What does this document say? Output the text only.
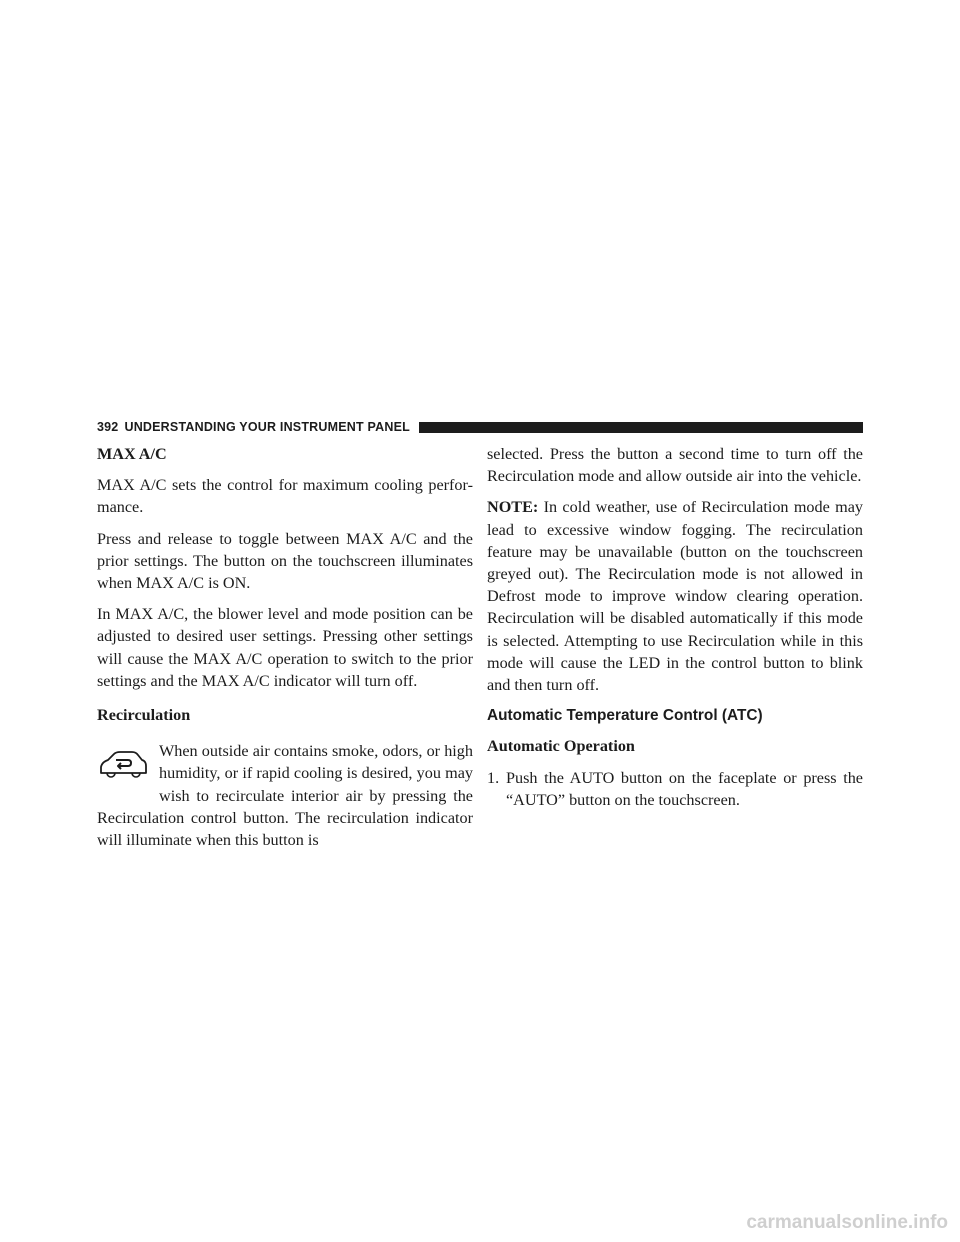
392 UNDERSTANDING YOUR INSTRUMENT PANEL
MAX A/C

MAX A/C sets the control for maximum cooling perfor-mance.

Press and release to toggle between MAX A/C and the prior settings. The button on the touchscreen illuminates when MAX A/C is ON.

In MAX A/C, the blower level and mode position can be adjusted to desired user settings. Pressing other settings will cause the MAX A/C operation to switch to the prior settings and the MAX A/C indicator will turn off.

Recirculation

When outside air contains smoke, odors, or high humidity, or if rapid cooling is desired, you may wish to recirculate interior air by pressing the Recirculation control button. The recirculation indicator will illuminate when this button is

selected. Press the button a second time to turn off the Recirculation mode and allow outside air into the vehicle.

NOTE: In cold weather, use of Recirculation mode may lead to excessive window fogging. The recirculation feature may be unavailable (button on the touchscreen greyed out). The Recirculation mode is not allowed in Defrost mode to improve window clearing operation. Recirculation will be disabled automatically if this mode is selected. Attempting to use Recirculation while in this mode will cause the LED in the control button to blink and then turn off.

Automatic Temperature Control (ATC)
Automatic Operation
1. Push the AUTO button on the faceplate or press the “AUTO” button on the touchscreen.
carmanualsonline.info
